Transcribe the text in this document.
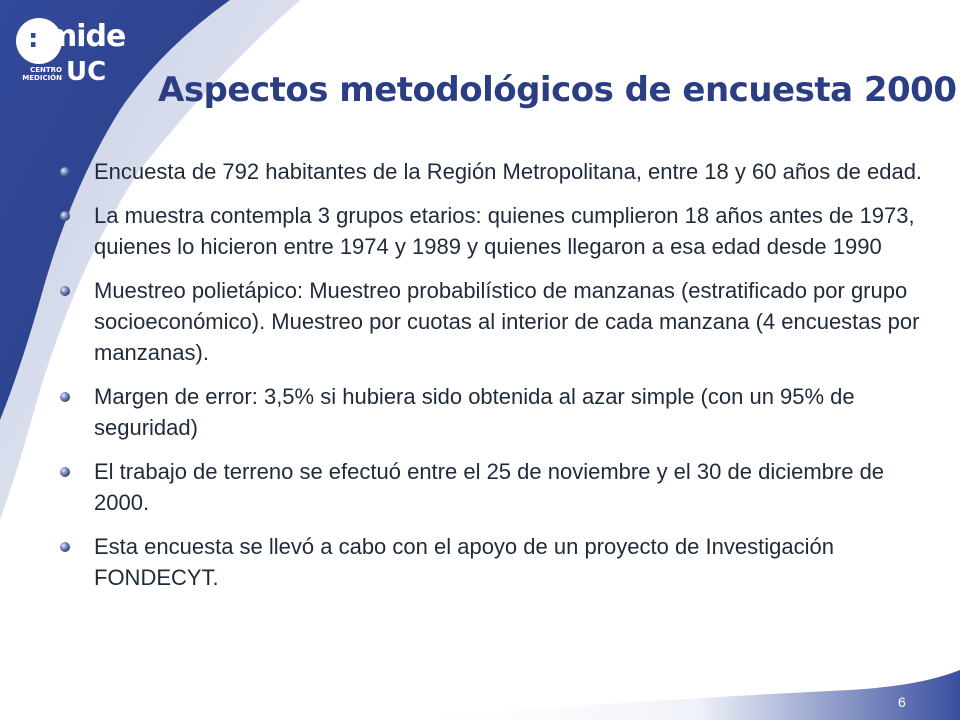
: mide
CENTRO
MEDICIÓN UC Aspectos metodológicos de encuesta 2000
Encuesta de 792 habitantes de la Región Metropolitana, entre 18 y 60 años de edad.
La muestra contempla 3 grupos etarios: quienes cumplieron 18 años antes de 1973, quienes lo hicieron entre 1974 y 1989 y quienes llegaron a esa edad desde 1990
Muestreo polietápico: Muestreo probabilístico de manzanas (estratificado por grupo socioeconómico). Muestreo por cuotas al interior de cada manzana (4 encuestas por manzanas).
Margen de error: 3,5% si hubiera sido obtenida al azar simple (con un 95% de seguridad)
El trabajo de terreno se efectuó entre el 25 de noviembre y el 30 de diciembre de 2000.
Esta encuesta se llevó a cabo con el apoyo de un proyecto de Investigación FONDECYT.
6
